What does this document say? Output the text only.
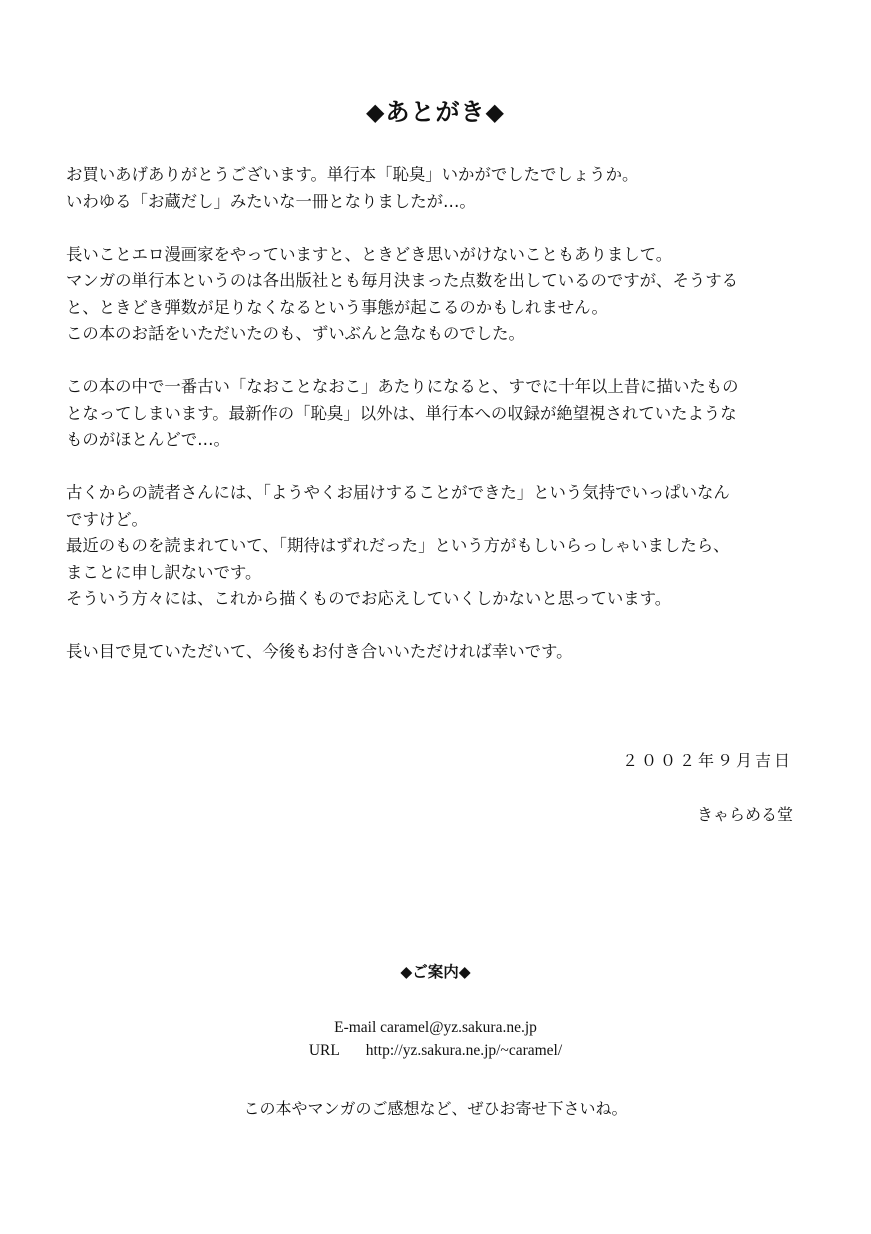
◆あとがき◆
お買いあげありがとうございます。単行本「恥臭」いかがでしたでしょうか。
いわゆる「お蔵だし」みたいな一冊となりましたが…。
長いことエロ漫画家をやっていますと、ときどき思いがけないこともありまして。
マンガの単行本というのは各出版社とも毎月決まった点数を出しているのですが、そうする
と、ときどき弾数が足りなくなるという事態が起こるのかもしれません。
この本のお話をいただいたのも、ずいぶんと急なものでした。
この本の中で一番古い「なおことなおこ」あたりになると、すでに十年以上昔に描いたもの
となってしまいます。最新作の「恥臭」以外は、単行本への収録が絶望視されていたような
ものがほとんどで…。
古くからの読者さんには、「ようやくお届けすることができた」という気持でいっぱいなん
ですけど。
最近のものを読まれていて、「期待はずれだった」という方がもしいらっしゃいましたら、
まことに申し訳ないです。
そういう方々には、これから描くものでお応えしていくしかないと思っています。
長い目で見ていただいて、今後もお付き合いいただければ幸いです。
２００２年９月吉日
きゃらめる堂
◆ご案内◆
E-mail caramel@yz.sakura.ne.jp
URL http://yz.sakura.ne.jp/~caramel/
この本やマンガのご感想など、ぜひお寄せ下さいね。
